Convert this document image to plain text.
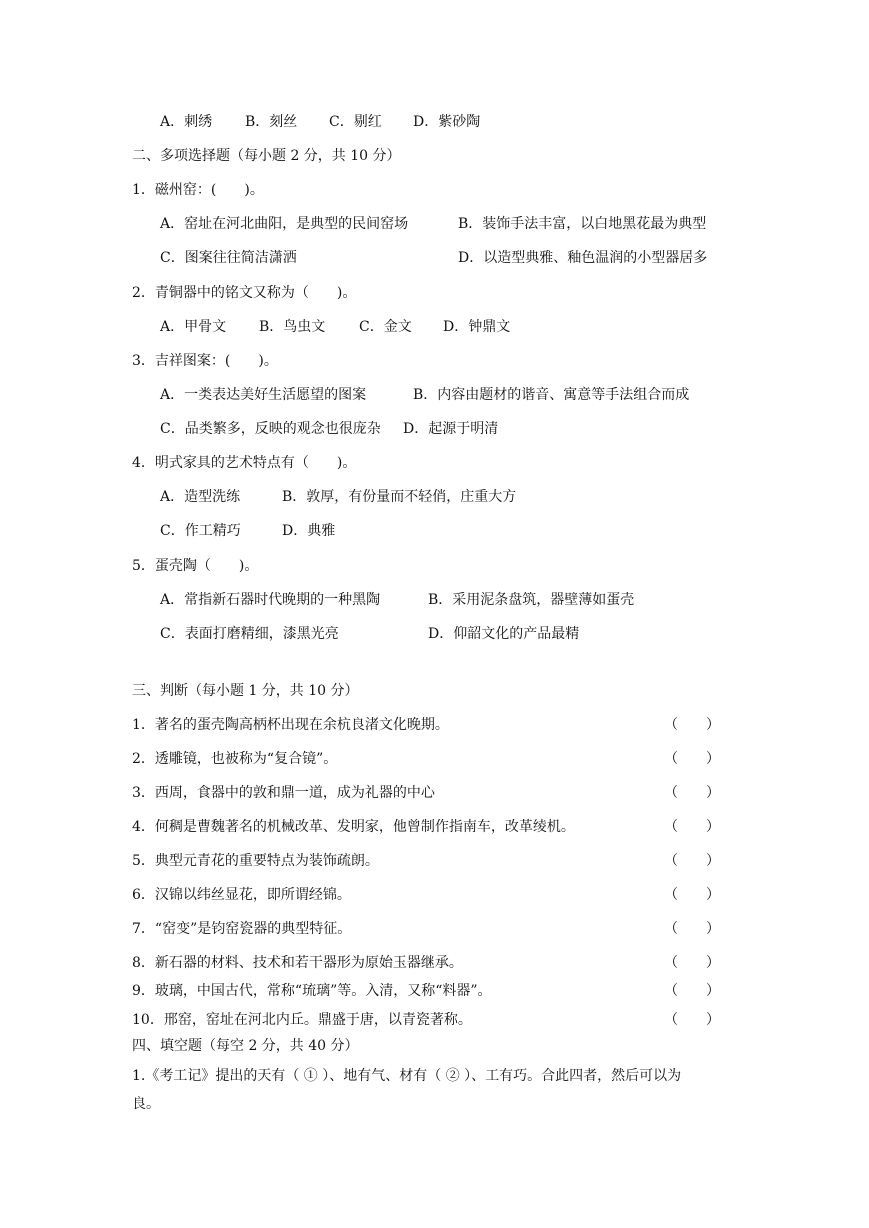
A．刺绣 B．刻丝 C．剔红 D．紫砂陶
二、多项选择题（每小题 2 分，共 10 分）
1．磁州窑：(　　)。
A．窑址在河北曲阳，是典型的民间窑场	B．装饰手法丰富，以白地黑花最为典型
C．图案往往简洁潇洒	D．以造型典雅、釉色温润的小型器居多
2．青铜器中的铭文又称为（　　)。
A．甲骨文 B．鸟虫文 C．金文 D．钟鼎文
3．吉祥图案：(　　)。
A．一类表达美好生活愿望的图案	B．内容由题材的谐音、寓意等手法组合而成
C．品类繁多，反映的观念也很庞杂 D．起源于明清
4．明式家具的艺术特点有（　　)。
A．造型洗练	B．敦厚，有份量而不轻俏，庄重大方
C．作工精巧	D．典雅
5．蛋壳陶（　　)。
A．常指新石器时代晚期的一种黑陶	B．采用泥条盘筑，器壁薄如蛋壳
C．表面打磨精细，漆黑光亮	D．仰韶文化的产品最精
三、判断（每小题 1 分，共 10 分）
1．著名的蛋壳陶高柄杯出现在余杭良渚文化晚期。	（　　）
2．透雕镜，也被称为“复合镜”。	（　　）
3．西周，食器中的敦和鼎一道，成为礼器的中心	（　　）
4．何稠是曹魏著名的机械改革、发明家，他曾制作指南车，改革绫机。	（　　）
5．典型元青花的重要特点为装饰疏朗。	（　　）
6．汉锦以纬丝显花，即所谓经锦。	（　　）
7．“窑变”是钧窑瓷器的典型特征。	（　　）
8．新石器的材料、技术和若干器形为原始玉器继承。	（　　）
9．玻璃，中国古代，常称“琉璃”等。入清，又称“料器”。	（　　）
10．邢窑，窑址在河北内丘。鼎盛于唐，以青瓷著称。	（　　）
四、填空题（每空 2 分，共 40 分）
1.《考工记》提出的天有（ ① ）、地有气、材有（ ② ）、工有巧。合此四者，然后可以为
良。
